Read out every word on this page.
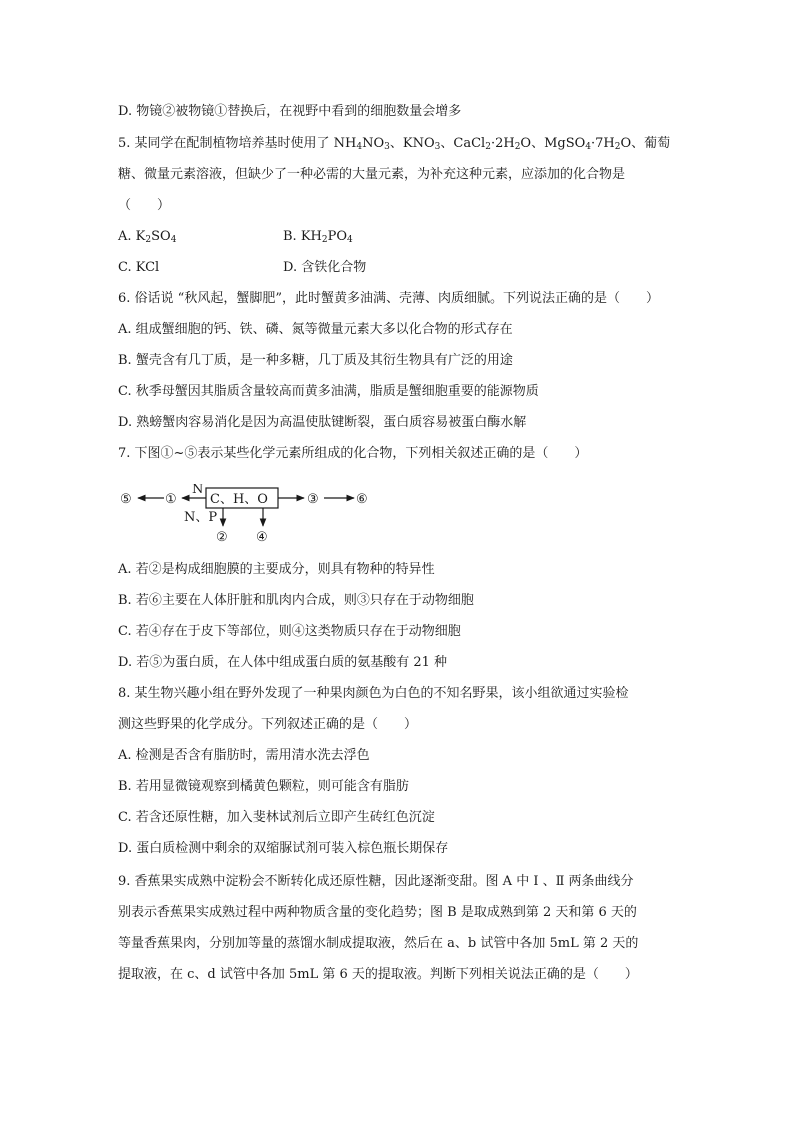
D. 物镜②被物镜①替换后，在视野中看到的细胞数量会增多
5. 某同学在配制植物培养基时使用了 $NH_4NO_3$、$KNO_3$、$CaCl_2\cdot 2H_2O$、$MgSO_4\cdot 7H_2O$、葡萄
糖、微量元素溶液，但缺少了一种必需的大量元素，为补充这种元素，应添加的化合物是
（　　）
A. $K_2SO_4$	B. $KH_2PO_4$
C. KCl	D. 含铁化合物
6. 俗话说 “秋风起，蟹脚肥”，此时蟹黄多油满、壳薄、肉质细腻。下列说法正确的是（　　）
A. 组成蟹细胞的钙、铁、磷、氮等微量元素大多以化合物的形式存在
B. 蟹壳含有几丁质，是一种多糖，几丁质及其衍生物具有广泛的用途
C. 秋季母蟹因其脂质含量较高而黄多油满，脂质是蟹细胞重要的能源物质
D. 熟螃蟹肉容易消化是因为高温使肽键断裂，蛋白质容易被蛋白酶水解
7. 下图①~⑤表示某些化学元素所组成的化合物，下列相关叙述正确的是（　　）
⑤	①
N
C、H、O	③	⑥
N、P
② ④
A. 若②是构成细胞膜的主要成分，则具有物种的特异性
B. 若⑥主要在人体肝脏和肌肉内合成，则③只存在于动物细胞
C. 若④存在于皮下等部位，则④这类物质只存在于动物细胞
D. 若⑤为蛋白质，在人体中组成蛋白质的氨基酸有 21 种
8. 某生物兴趣小组在野外发现了一种果肉颜色为白色的不知名野果，该小组欲通过实验检
测这些野果的化学成分。下列叙述正确的是（　　）
A. 检测是否含有脂肪时，需用清水洗去浮色
B. 若用显微镜观察到橘黄色颗粒，则可能含有脂肪
C. 若含还原性糖，加入斐林试剂后立即产生砖红色沉淀
D. 蛋白质检测中剩余的双缩脲试剂可装入棕色瓶长期保存
9. 香蕉果实成熟中淀粉会不断转化成还原性糖，因此逐渐变甜。图 A 中 Ⅰ 、Ⅱ 两条曲线分
别表示香蕉果实成熟过程中两种物质含量的变化趋势；图 B 是取成熟到第 2 天和第 6 天的
等量香蕉果肉，分别加等量的蒸馏水制成提取液，然后在 a、b 试管中各加 5mL 第 2 天的
提取液，在 c、d 试管中各加 5mL 第 6 天的提取液。判断下列相关说法正确的是（　　）
